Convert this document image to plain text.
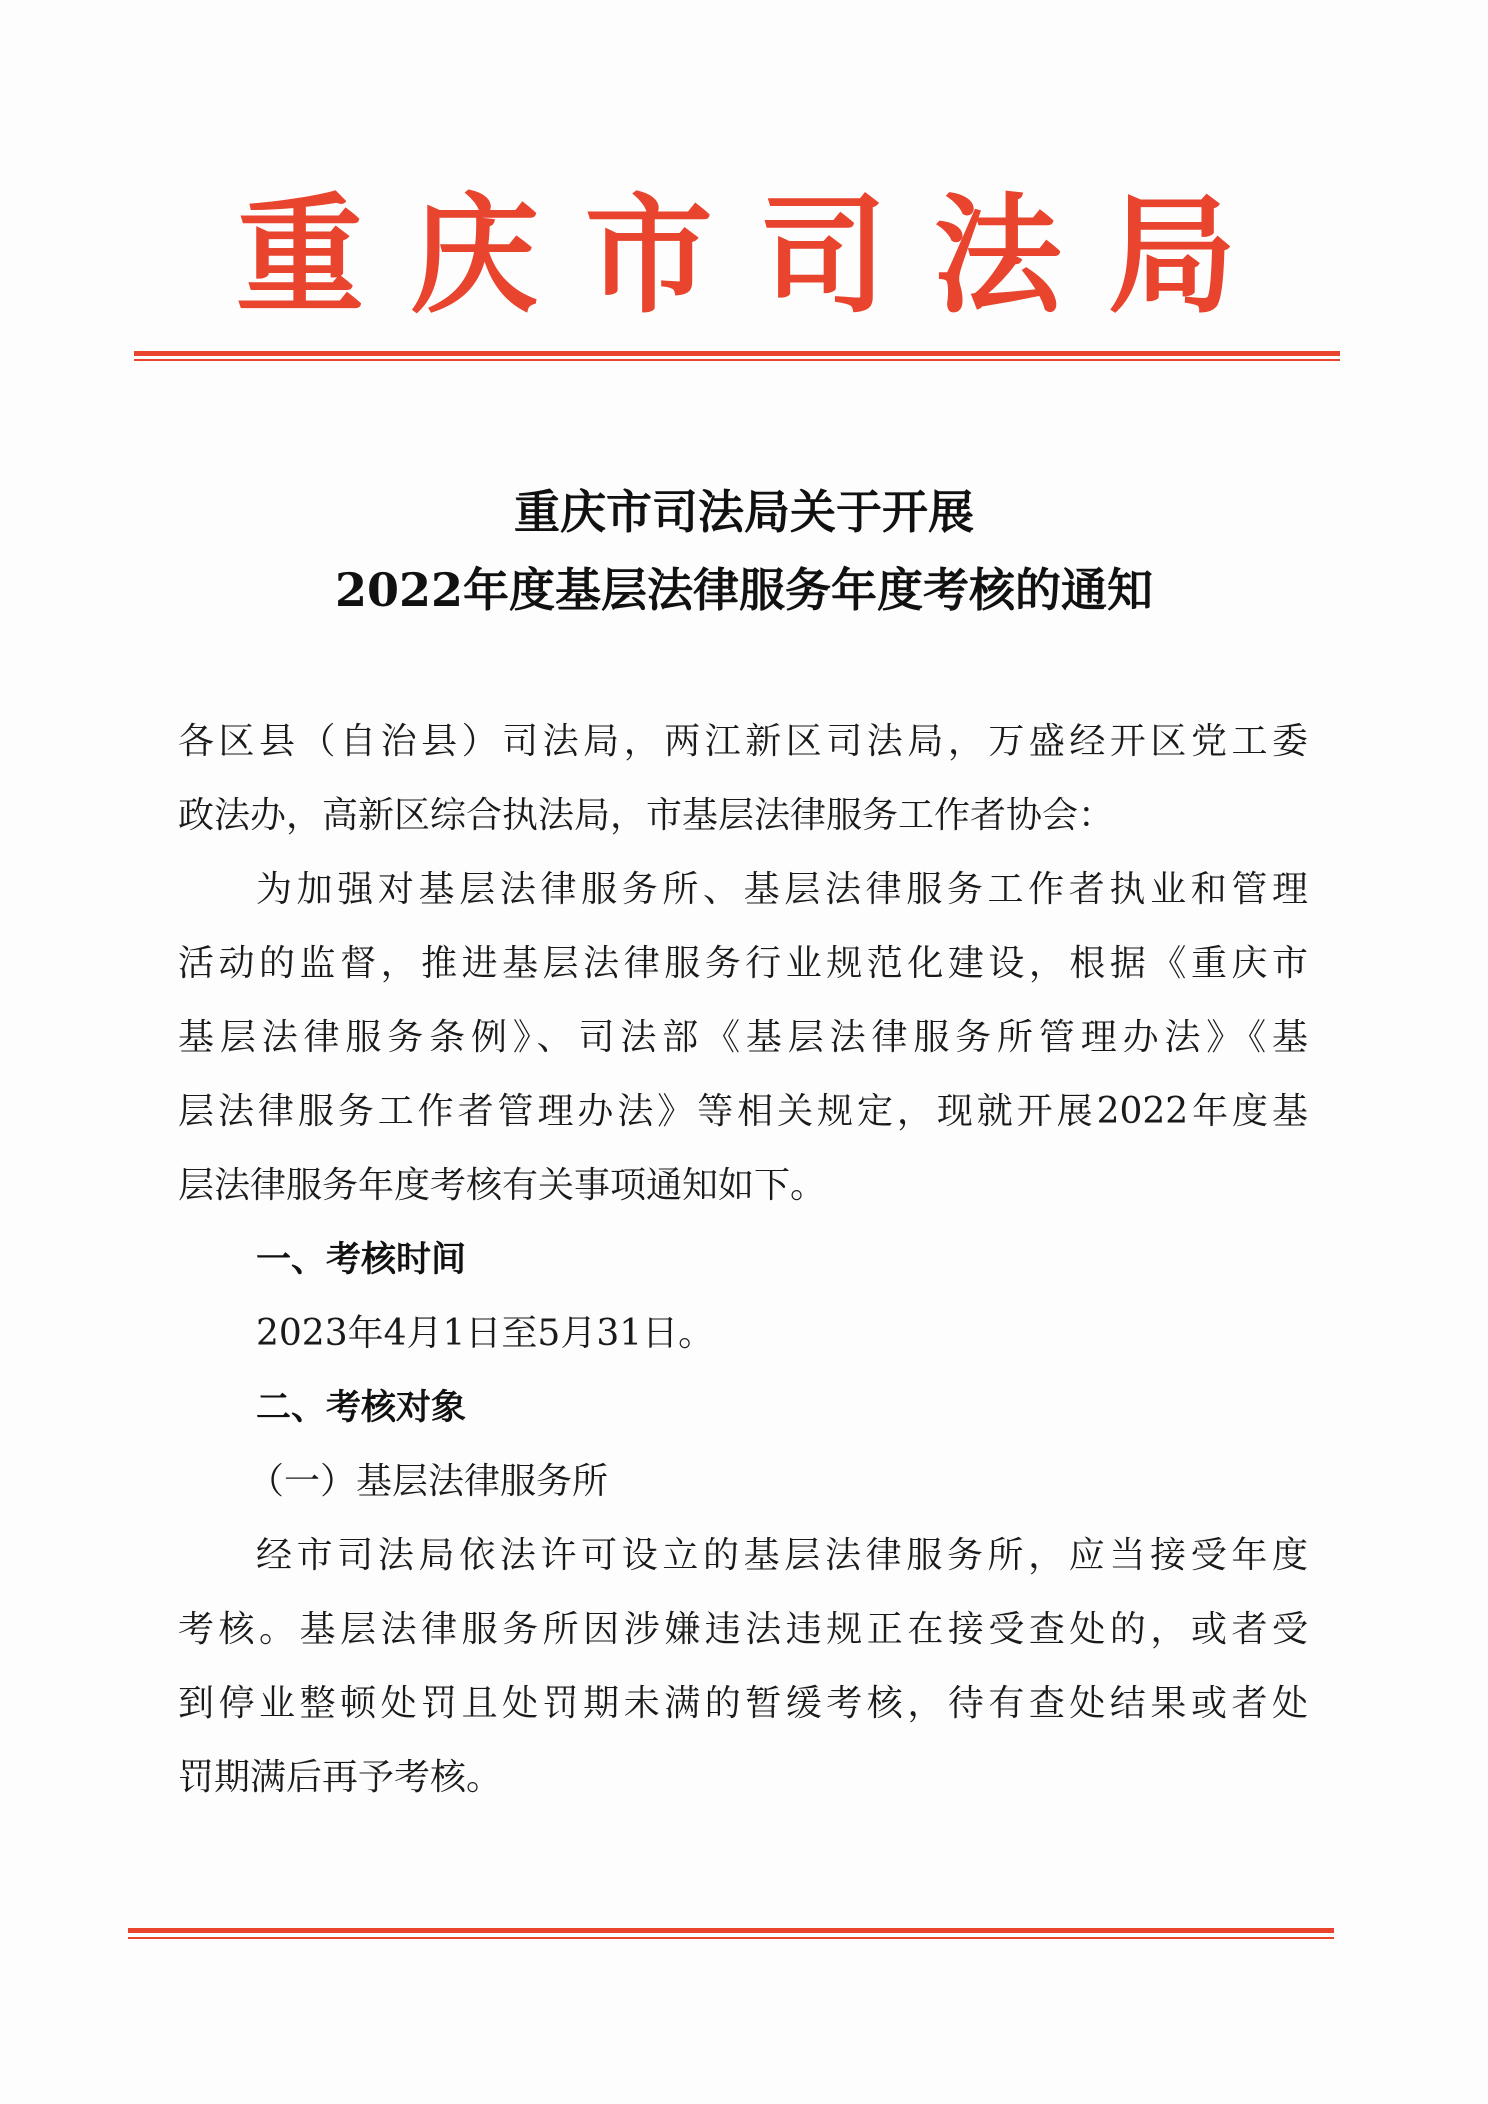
重 庆 市 司 法 局
重庆市司法局关于开展
2022年度基层法律服务年度考核的通知
各区县（自治县）司法局，两江新区司法局，万盛经开区党工委
政法办，高新区综合执法局，市基层法律服务工作者协会：
为加强对基层法律服务所、基层法律服务工作者执业和管理
活动的监督，推进基层法律服务行业规范化建设，根据《重庆市
基层法律服务条例》、司法部《基层法律服务所管理办法》《基
层法律服务工作者管理办法》等相关规定，现就开展2022年度基
层法律服务年度考核有关事项通知如下。
一、考核时间
2023年4月1日至5月31日。
二、考核对象
（一）基层法律服务所
经市司法局依法许可设立的基层法律服务所，应当接受年度
考核。基层法律服务所因涉嫌违法违规正在接受查处的，或者受
到停业整顿处罚且处罚期未满的暂缓考核，待有查处结果或者处
罚期满后再予考核。
